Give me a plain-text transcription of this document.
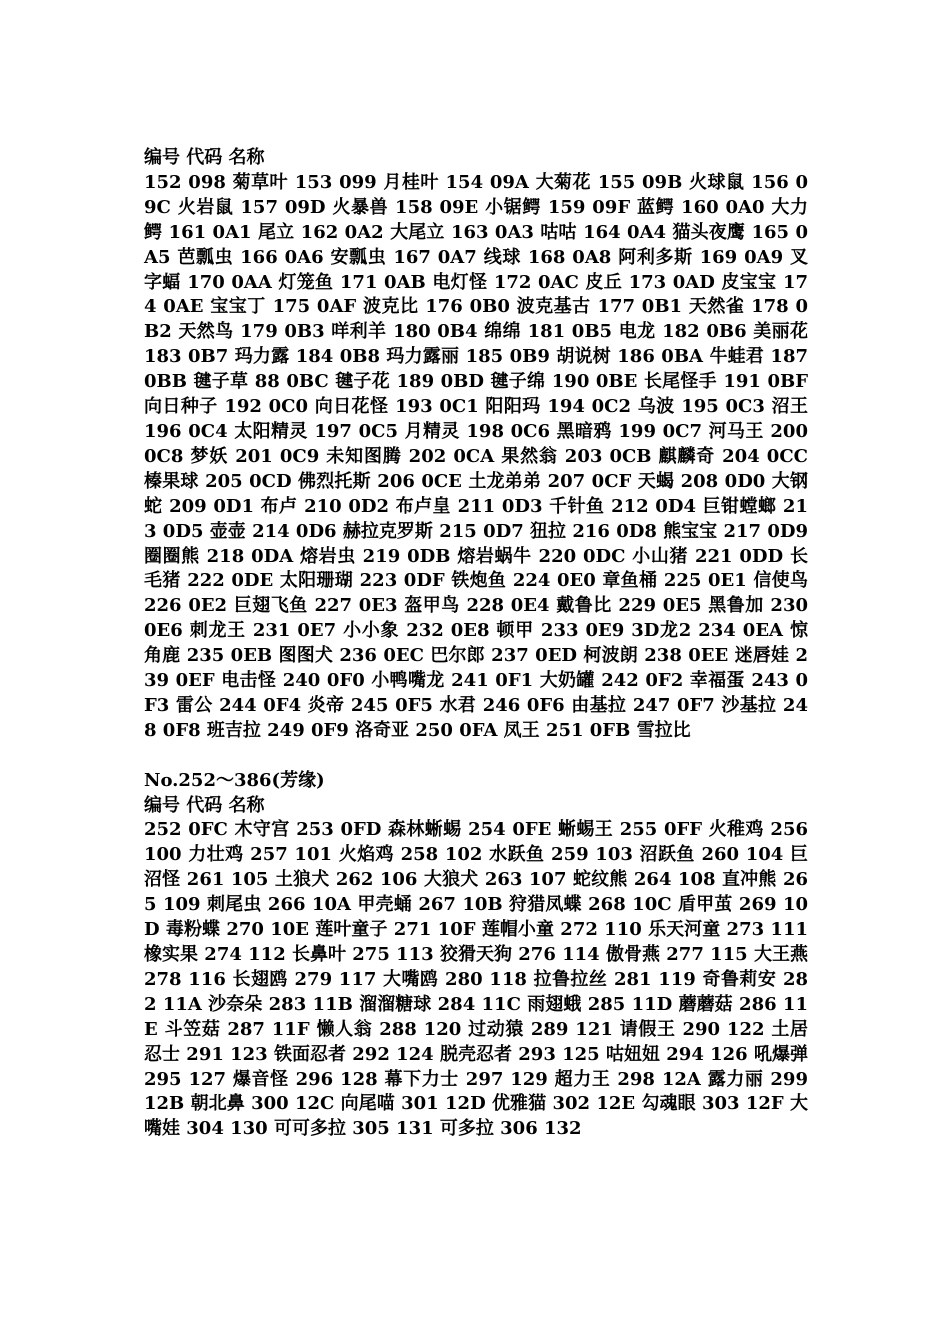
编号 代码 名称
152 098 菊草叶 153 099 月桂叶 154 09A 大菊花 155 09B 火球鼠 156 09C 火岩鼠 157 09D 火暴兽 158 09E 小锯鳄 159 09F 蓝鳄 160 0A0 大力鳄 161 0A1 尾立 162 0A2 大尾立 163 0A3 咕咕 164 0A4 猫头夜鹰 165 0A5 芭瓢虫 166 0A6 安瓢虫 167 0A7 线球 168 0A8 阿利多斯 169 0A9 叉字蝠 170 0AA 灯笼鱼 171 0AB 电灯怪 172 0AC 皮丘 173 0AD 皮宝宝 174 0AE 宝宝丁 175 0AF 波克比 176 0B0 波克基古 177 0B1 天然雀 178 0B2 天然鸟 179 0B3 咩利羊 180 0B4 绵绵 181 0B5 电龙 182 0B6 美丽花 183 0B7 玛力露 184 0B8 玛力露丽 185 0B9 胡说树 186 0BA 牛蛙君 187 0BB 毽子草 88 0BC 毽子花 189 0BD 毽子绵 190 0BE 长尾怪手 191 0BF 向日种子 192 0C0 向日花怪 193 0C1 阳阳玛 194 0C2 乌波 195 0C3 沼王 196 0C4 太阳精灵 197 0C5 月精灵 198 0C6 黑暗鸦 199 0C7 河马王 200 0C8 梦妖 201 0C9 未知图腾 202 0CA 果然翁 203 0CB 麒麟奇 204 0CC 榛果球 205 0CD 佛烈托斯 206 0CE 土龙弟弟 207 0CF 天蝎 208 0D0 大钢蛇 209 0D1 布卢 210 0D2 布卢皇 211 0D3 千针鱼 212 0D4 巨钳螳螂 213 0D5 壶壶 214 0D6 赫拉克罗斯 215 0D7 狃拉 216 0D8 熊宝宝 217 0D9 圈圈熊 218 0DA 熔岩虫 219 0DB 熔岩蜗牛 220 0DC 小山猪 221 0DD 长毛猪 222 0DE 太阳珊瑚 223 0DF 铁炮鱼 224 0E0 章鱼桶 225 0E1 信使鸟 226 0E2 巨翅飞鱼 227 0E3 盔甲鸟 228 0E4 戴鲁比 229 0E5 黑鲁加 230 0E6 刺龙王 231 0E7 小小象 232 0E8 顿甲 233 0E9 3D龙2 234 0EA 惊角鹿 235 0EB 图图犬 236 0EC 巴尔郎 237 0ED 柯波朗 238 0EE 迷唇娃 239 0EF 电击怪 240 0F0 小鸭嘴龙 241 0F1 大奶罐 242 0F2 幸福蛋 243 0F3 雷公 244 0F4 炎帝 245 0F5 水君 246 0F6 由基拉 247 0F7 沙基拉 248 0F8 班吉拉 249 0F9 洛奇亚 250 0FA 凤王 251 0FB 雪拉比
No.252～386(芳缘)
编号 代码 名称
252 0FC 木守宫 253 0FD 森林蜥蜴 254 0FE 蜥蜴王 255 0FF 火稚鸡 256 100 力壮鸡 257 101 火焰鸡 258 102 水跃鱼 259 103 沼跃鱼 260 104 巨沼怪 261 105 土狼犬 262 106 大狼犬 263 107 蛇纹熊 264 108 直冲熊 265 109 刺尾虫 266 10A 甲壳蛹 267 10B 狩猎凤蝶 268 10C 盾甲茧 269 10D 毒粉蝶 270 10E 莲叶童子 271 10F 莲帽小童 272 110 乐天河童 273 111 橡实果 274 112 长鼻叶 275 113 狡猾天狗 276 114 傲骨燕 277 115 大王燕 278 116 长翅鸥 279 117 大嘴鸥 280 118 拉鲁拉丝 281 119 奇鲁莉安 282 11A 沙奈朵 283 11B 溜溜糖球 284 11C 雨翅蛾 285 11D 蘑蘑菇 286 11E 斗笠菇 287 11F 懒人翁 288 120 过动猿 289 121 请假王 290 122 土居忍士 291 123 铁面忍者 292 124 脱壳忍者 293 125 咕妞妞 294 126 吼爆弹 295 127 爆音怪 296 128 幕下力士 297 129 超力王 298 12A 露力丽 299 12B 朝北鼻 300 12C 向尾喵 301 12D 优雅猫 302 12E 勾魂眼 303 12F 大嘴娃 304 130 可可多拉 305 131 可多拉 306 132
